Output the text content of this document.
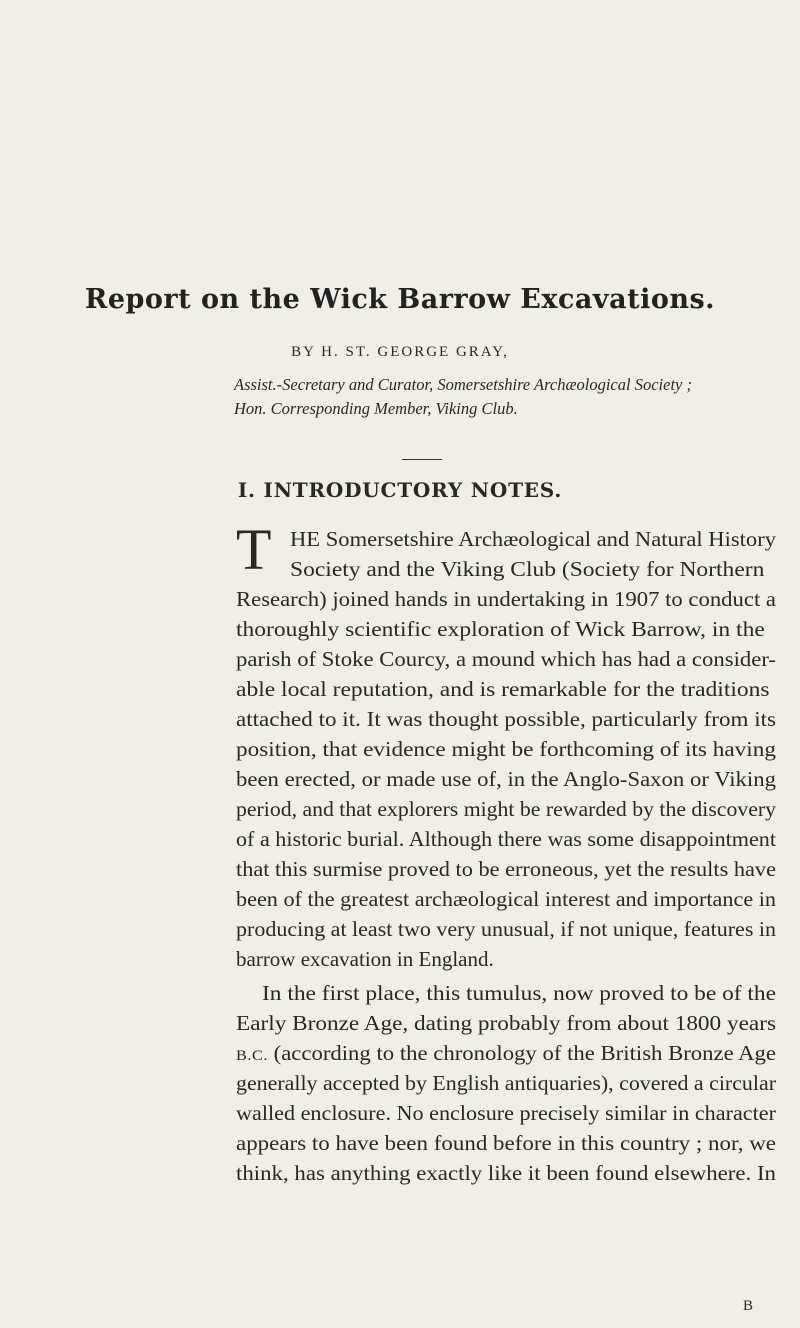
Report on the Wick Barrow Excavations.
BY H. ST. GEORGE GRAY,
Assist.-Secretary and Curator, Somersetshire Archæological Society ;
Hon. Corresponding Member, Viking Club.
I. INTRODUCTORY NOTES.
T HE Somersetshire Archæological and Natural History
Society and the Viking Club (Society for Northern
Research) joined hands in undertaking in 1907 to conduct a
thoroughly scientific exploration of Wick Barrow, in the
parish of Stoke Courcy, a mound which has had a consider-
able local reputation, and is remarkable for the traditions
attached to it. It was thought possible, particularly from its
position, that evidence might be forthcoming of its having
been erected, or made use of, in the Anglo-Saxon or Viking
period, and that explorers might be rewarded by the discovery
of a historic burial. Although there was some disappointment
that this surmise proved to be erroneous, yet the results have
been of the greatest archæological interest and importance in
producing at least two very unusual, if not unique, features in
barrow excavation in England.
In the first place, this tumulus, now proved to be of the
Early Bronze Age, dating probably from about 1800 years
B.C. (according to the chronology of the British Bronze Age
generally accepted by English antiquaries), covered a circular
walled enclosure. No enclosure precisely similar in character
appears to have been found before in this country ; nor, we
think, has anything exactly like it been found elsewhere. In
B
